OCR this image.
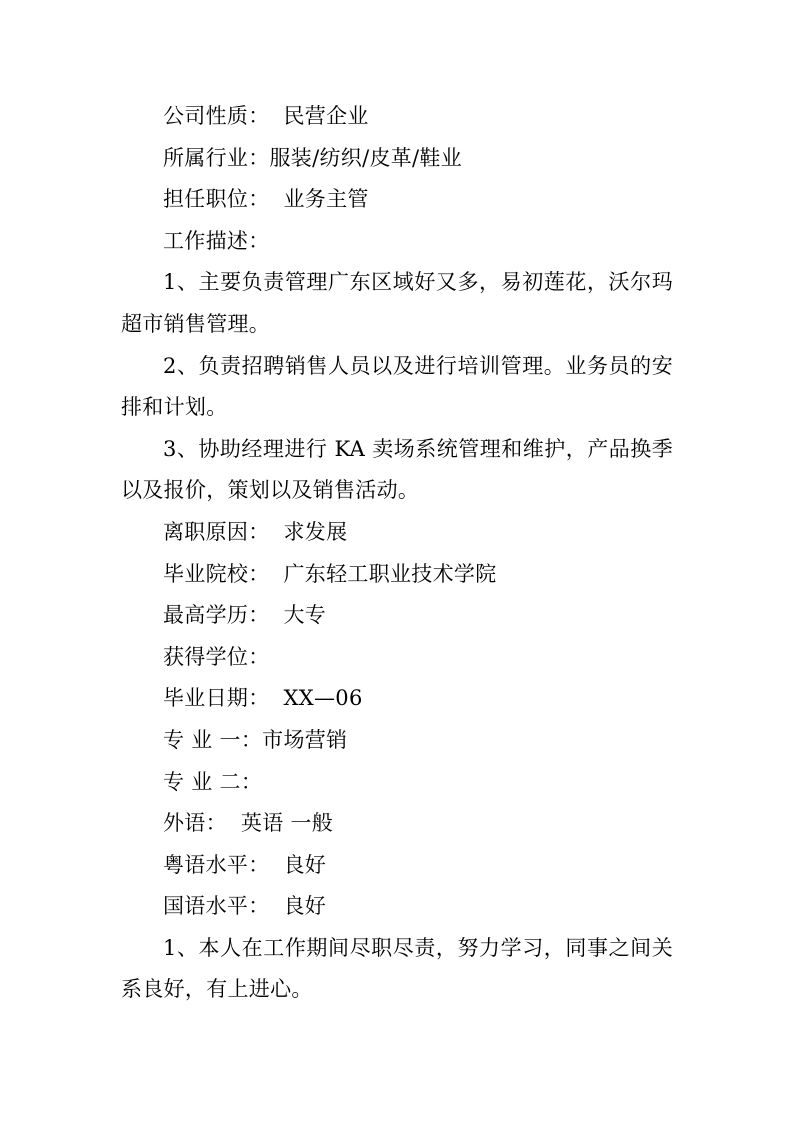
公司性质： 民营企业
所属行业：服装/纺织/皮革/鞋业
担任职位： 业务主管
工作描述：

1、主要负责管理广东区域好又多，易初莲花，沃尔玛超市销售管理。

2、负责招聘销售人员以及进行培训管理。业务员的安排和计划。

3、协助经理进行 KA 卖场系统管理和维护，产品换季以及报价，策划以及销售活动。

离职原因： 求发展
毕业院校： 广东轻工职业技术学院
最高学历： 大专
获得学位：
毕业日期： XX—06
专 业 一：市场营销
专 业 二：
外语： 英语 一般
粤语水平： 良好
国语水平： 良好

1、本人在工作期间尽职尽责，努力学习，同事之间关系良好，有上进心。
